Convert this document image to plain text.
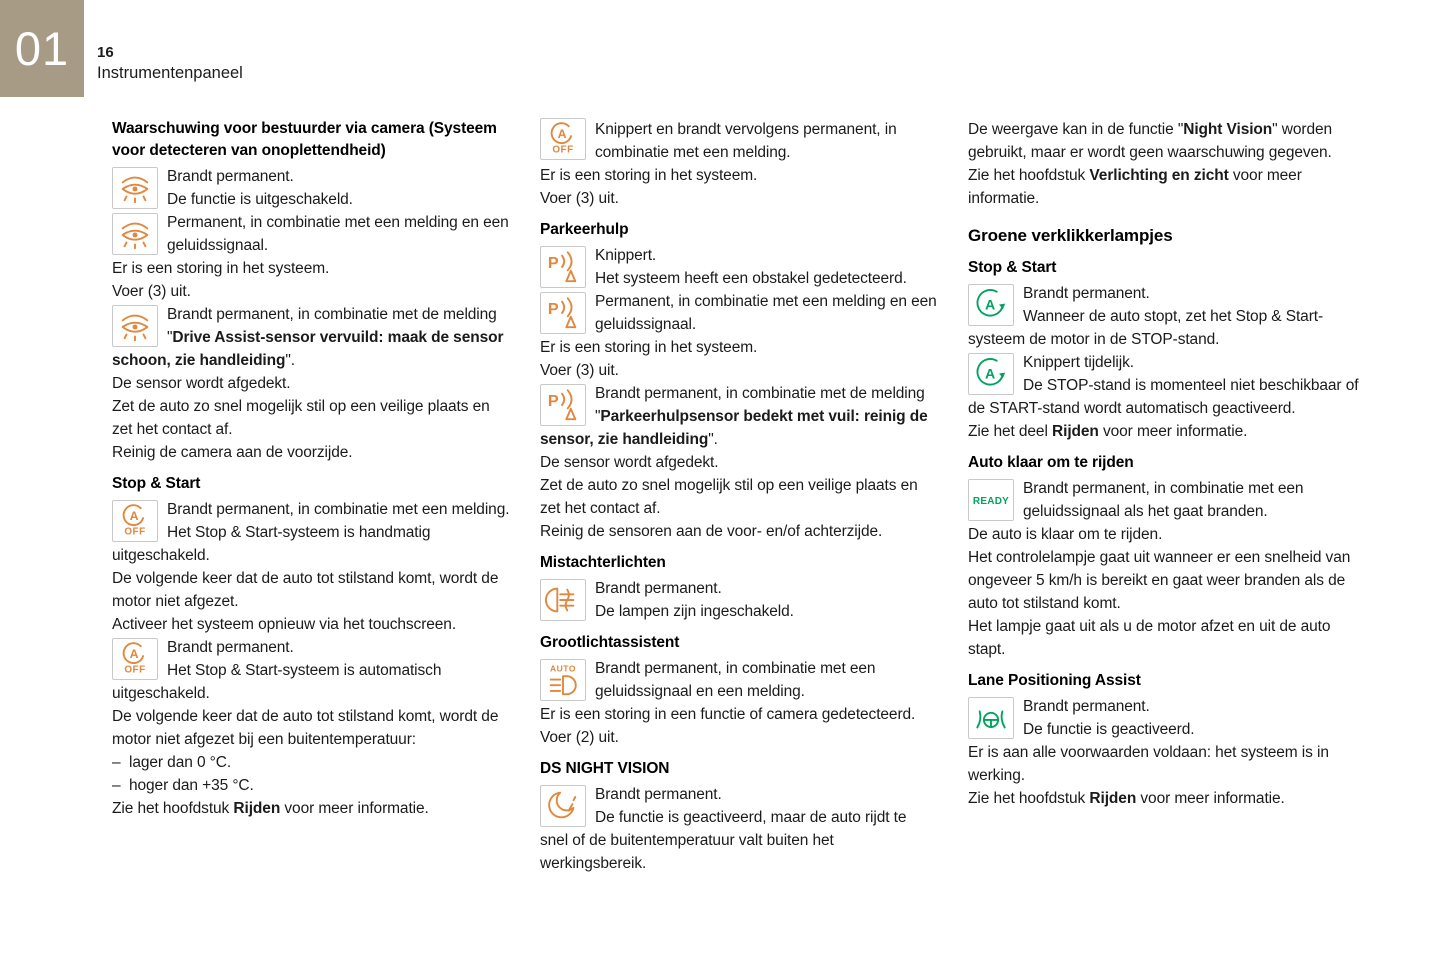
01 16
Instrumentenpaneel
Waarschuwing voor bestuurder via camera (Systeem voor detecteren van onoplettendheid)

Brandt permanent.

De functie is uitgeschakeld.

Permanent, in combinatie met een melding en een geluidssignaal.

Er is een storing in het systeem.

Voer (3) uit.

Brandt permanent, in combinatie met de melding "Drive Assist-sensor vervuild: maak de sensor schoon, zie handleiding".

De sensor wordt afgedekt.

Zet de auto zo snel mogelijk stil op een veilige plaats en zet het contact af.

Reinig de camera aan de voorzijde.

Stop & Start
A
OFF

Brandt permanent, in combinatie met een melding.

Het Stop & Start-systeem is handmatig uitgeschakeld.

De volgende keer dat de auto tot stilstand komt, wordt de motor niet afgezet.

Activeer het systeem opnieuw via het touchscreen.

A
OFF

Brandt permanent.

Het Stop & Start-systeem is automatisch uitgeschakeld.

De volgende keer dat de auto tot stilstand komt, wordt de motor niet afgezet bij een buitentemperatuur:

– lager dan 0 °C.

– hoger dan +35 °C.

Zie het hoofdstuk Rijden voor meer informatie.

A
OFF

Knippert en brandt vervolgens permanent, in combinatie met een melding.

Er is een storing in het systeem.

Voer (3) uit.

Parkeerhulp
P	Knippert.

Het systeem heeft een obstakel gedetecteerd.

P	Permanent, in combinatie met een melding en een geluidssignaal.

Er is een storing in het systeem.

Voer (3) uit.

P	Brandt permanent, in combinatie met de melding "Parkeerhulpsensor bedekt met vuil: reinig de sensor, zie handleiding".

De sensor wordt afgedekt.

Zet de auto zo snel mogelijk stil op een veilige plaats en zet het contact af.

Reinig de sensoren aan de voor- en/of achterzijde.

Mistachterlichten

Brandt permanent.

De lampen zijn ingeschakeld.

Grootlichtassistent
AUTO	Brandt permanent, in combinatie met een geluidssignaal en een melding.

Er is een storing in een functie of camera gedetecteerd.

Voer (2) uit.

DS NIGHT VISION

Brandt permanent.

De functie is geactiveerd, maar de auto rijdt te snel of de buitentemperatuur valt buiten het werkingsbereik.

De weergave kan in de functie "Night Vision" worden gebruikt, maar er wordt geen waarschuwing gegeven.

Zie het hoofdstuk Verlichting en zicht voor meer informatie.

Groene verklikkerlampjes
Stop & Start
A

Brandt permanent.

Wanneer de auto stopt, zet het Stop & Start-systeem de motor in de STOP-stand.

A

Knippert tijdelijk.

De STOP-stand is momenteel niet beschikbaar of de START-stand wordt automatisch geactiveerd.

Zie het deel Rijden voor meer informatie.

Auto klaar om te rijden
READY

Brandt permanent, in combinatie met een geluidssignaal als het gaat branden.

De auto is klaar om te rijden.

Het controlelampje gaat uit wanneer er een snelheid van ongeveer 5 km/h is bereikt en gaat weer branden als de auto tot stilstand komt.

Het lampje gaat uit als u de motor afzet en uit de auto stapt.

Lane Positioning Assist

Brandt permanent.

De functie is geactiveerd.

Er is aan alle voorwaarden voldaan: het systeem is in werking.

Zie het hoofdstuk Rijden voor meer informatie.
